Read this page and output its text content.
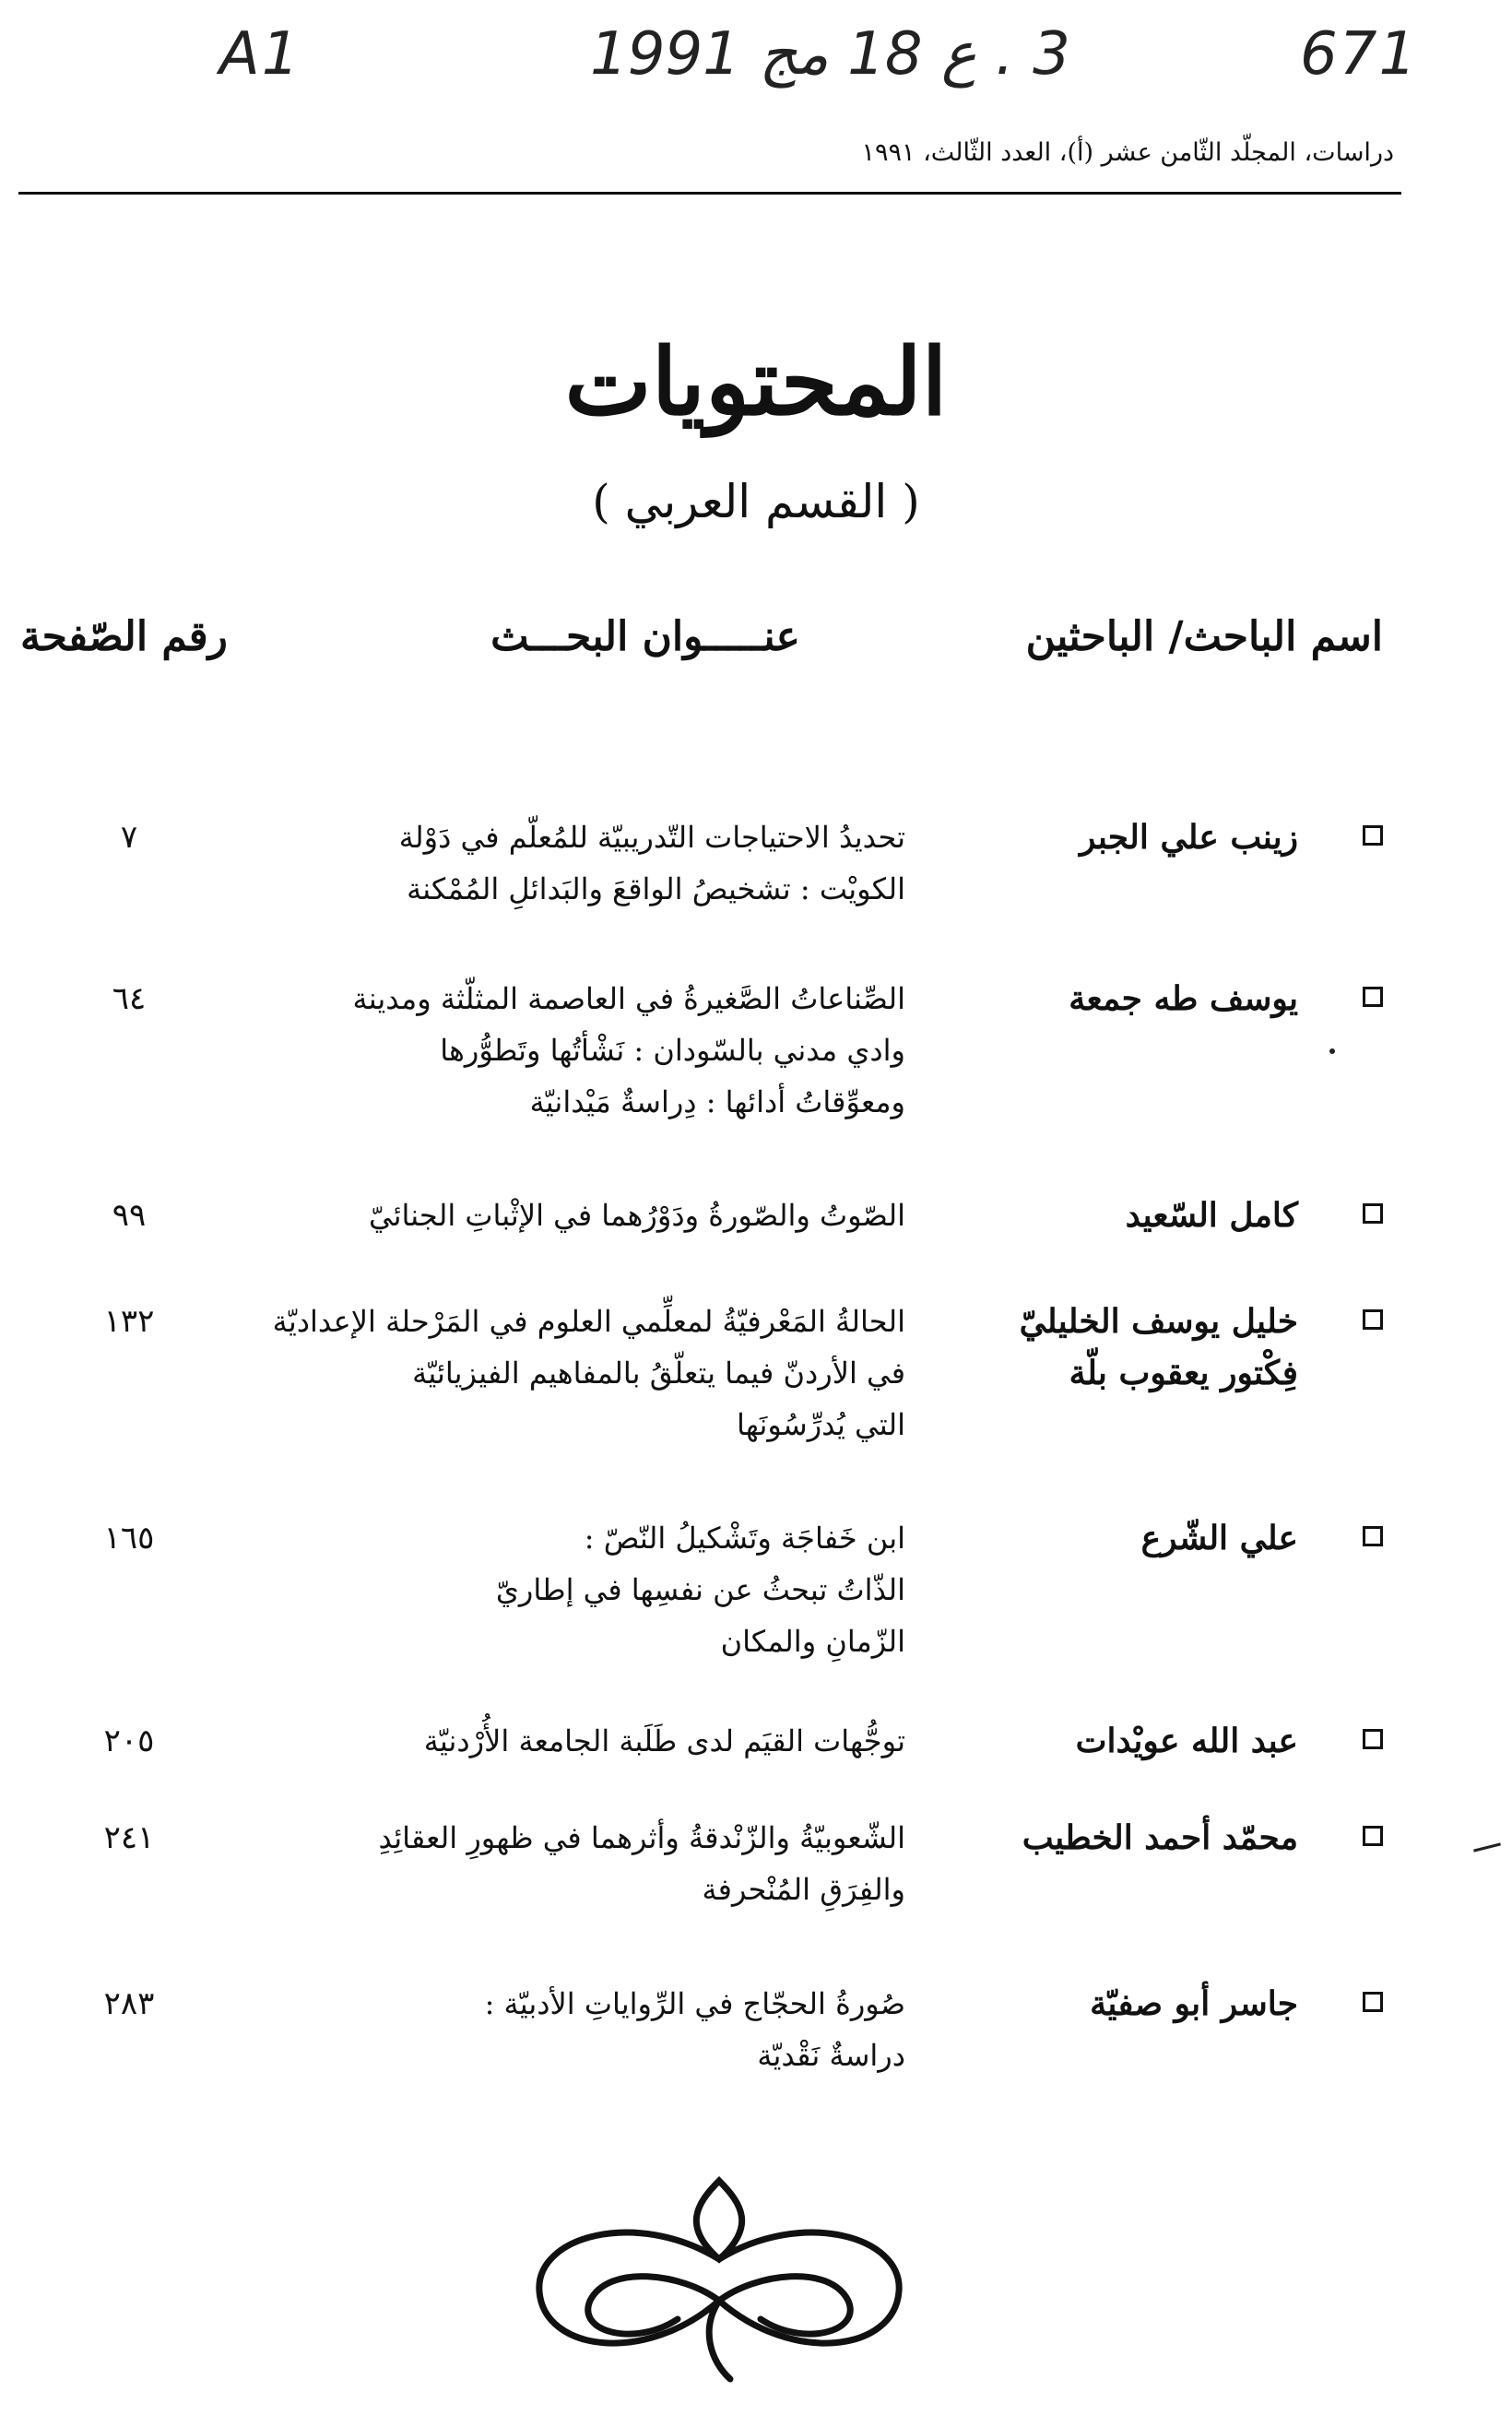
A1	3 . ع 18 مج 1991	671
دراسات، المجلّد الثّامن عشر (أ)، العدد الثّالث، ١٩٩١
المحتويات
( القسم العربي )
اسم الباحث/ الباحثين
عنـــــوان البحـــث
رقم الصّفحة
زينب علي الجبر
تحديدُ الاحتياجات التّدريبيّة للمُعلّم في دَوْلة
الكويْت : تشخيصُ الواقعَ والبَدائلِ المُمْكنة
٧
يوسف طه جمعة
الصِّناعاتُ الصَّغيرةُ في العاصمة المثلّثة ومدينة
وادي مدني بالسّودان : نَشْأتُها وتَطوُّرها
ومعوِّقاتُ أدائها : دِراسةٌ مَيْدانيّة
٦٤
كامل السّعيد
الصّوتُ والصّورةُ ودَوْرُهما في الإثْباتِ الجنائيّ
٩٩
خليل يوسف الخليليّ
فِكْتور يعقوب بلّة
الحالةُ المَعْرفيّةُ لمعلِّمي العلوم في المَرْحلة الإعداديّة
في الأردنّ فيما يتعلّقُ بالمفاهيم الفيزيائيّة
التي يُدرِّسُونَها
١٣٢
علي الشّرع
ابن خَفاجَة وتَشْكيلُ النّصّ :
الذّاتُ تبحثُ عن نفسِها في إطاريّ
الزّمانِ والمكان
١٦٥
عبد الله عويْدات
توجُّهات القيَم لدى طَلَبة الجامعة الأُرْدنيّة
٢٠٥
محمّد أحمد الخطيب
الشّعوبيّةُ والزّنْدقةُ وأثرهما في ظهورِ العقائِدِ
والفِرَقِ المُنْحرفة
٢٤١
جاسر أبو صفيّة
صُورةُ الحجّاج في الرِّواياتِ الأدبيّة :
دراسةٌ نَقْديّة
٢٨٣
